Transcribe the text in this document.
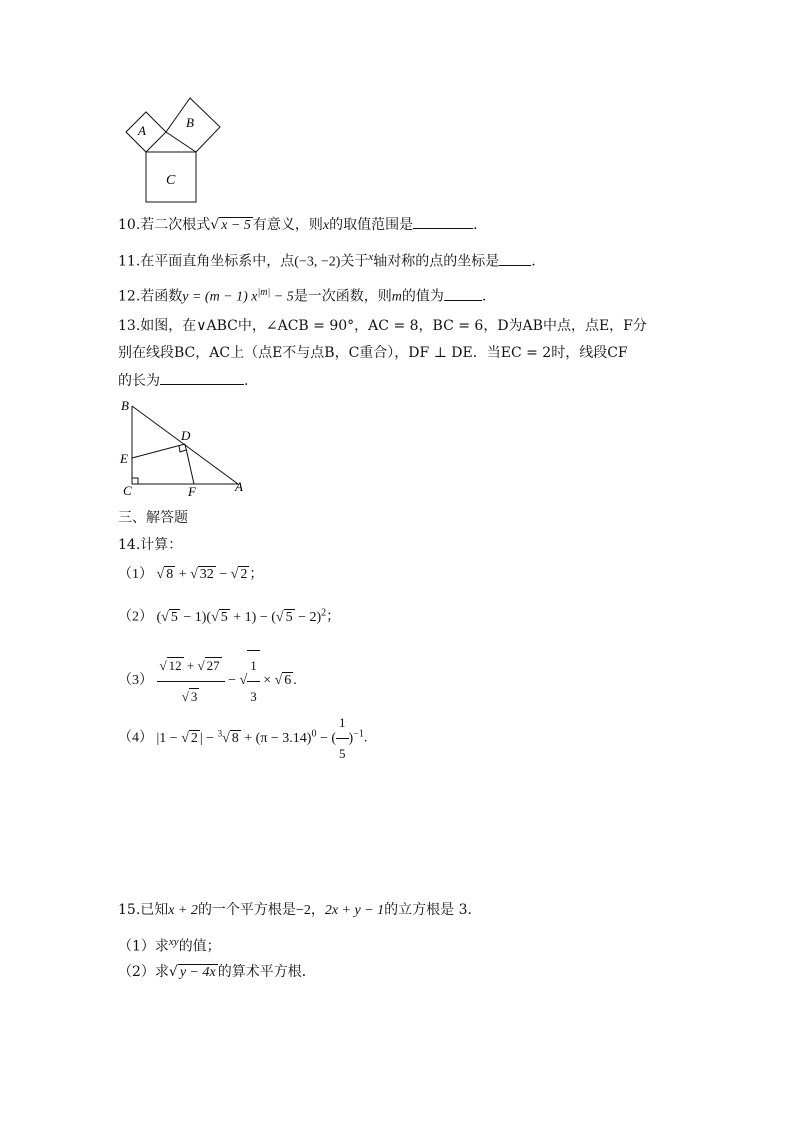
A
B
C
10.若二次根式√ x − 5 有意义，则x的取值范围是	.
11.在平面直角坐标系中，点(−3, −2)关于$^x$轴对称的点的坐标是 .
12.若函数y = (m − 1) $x^{|m|} - 5$是一次函数，则m的值为	.
13.如图，在∨ABC中，∠ACB = 90°，AC = 8，BC = 6，D为AB中点，点E，F分
别在线段BC，AC上（点E不与点B，C重合），DF ⊥ DE．当EC = 2时，线段CF
的长为	.
B
D
E
C	F	A
三、解答题
14.计算：
（1） √ 8 + √ 32 − √ 2 ；
（2） (√ 5 − 1)(√ 5 + 1) − (√ 5 − 2)$^2$；
$(3) \frac{√ 12 + √ 27}{√ 3}$ − √ $\frac{1}{3}$ × √ 6 .
（4） |1 − √ 2 | − $^3$√ $8 + (\pi - 3.14)^0$ − ( $\frac{1}{5} )^{-1}$.
15.已知x + 2的一个平方根是−2，2x + y − 1的立方根是 3．
（1）求$^{xy}$的值；
（2）求√ y − 4x 的算术平方根．
